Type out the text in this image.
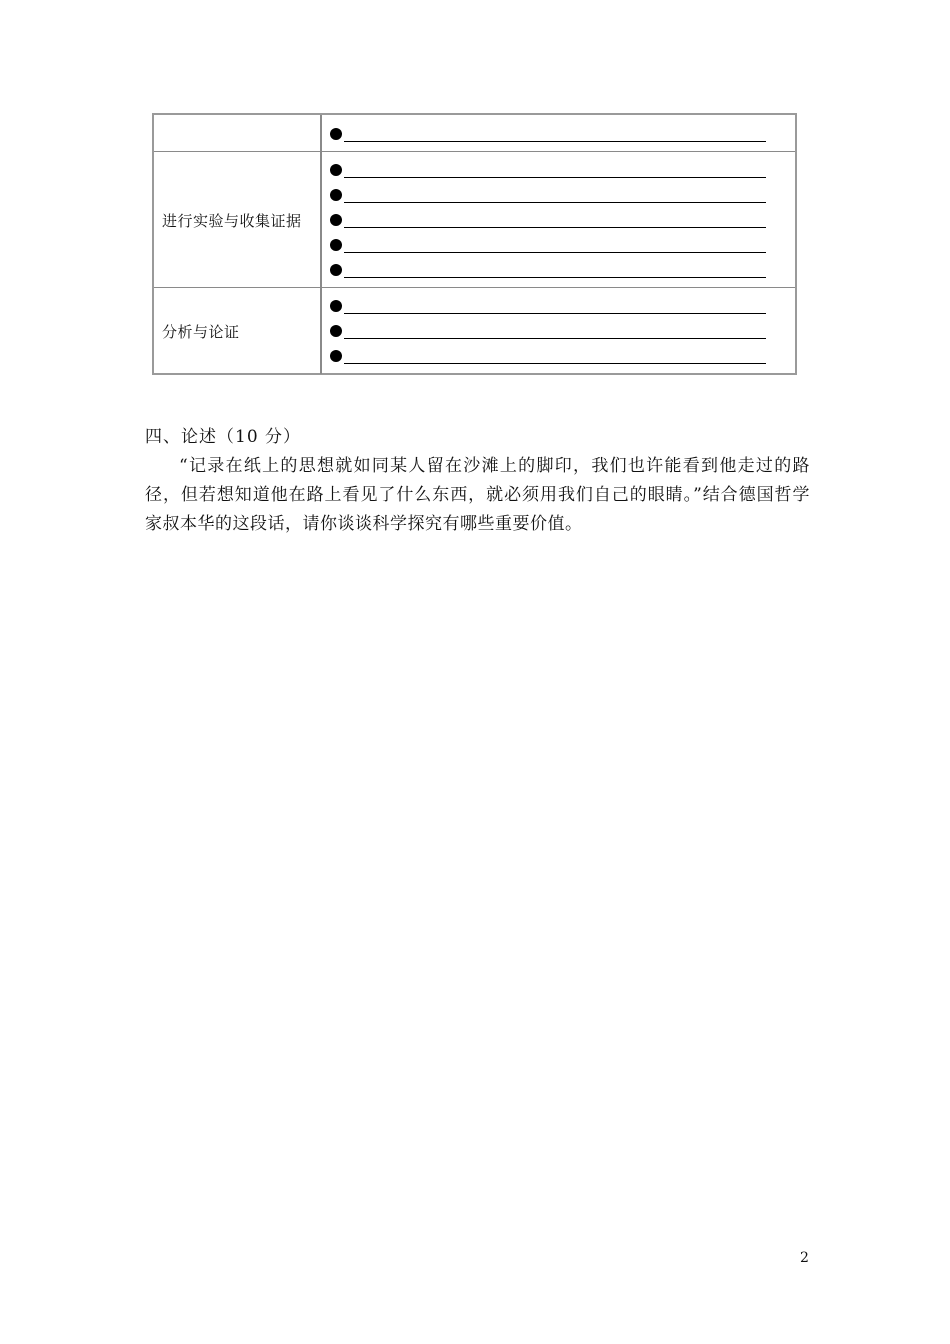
进行实验与收集证据
分析与论证

四、论述（10 分）

“记录在纸上的思想就如同某人留在沙滩上的脚印，我们也许能看到他走过的路径，但若想知道他在路上看见了什么东西，就必须用我们自己的眼睛。”结合德国哲学家叔本华的这段话，请你谈谈科学探究有哪些重要价值。

2
